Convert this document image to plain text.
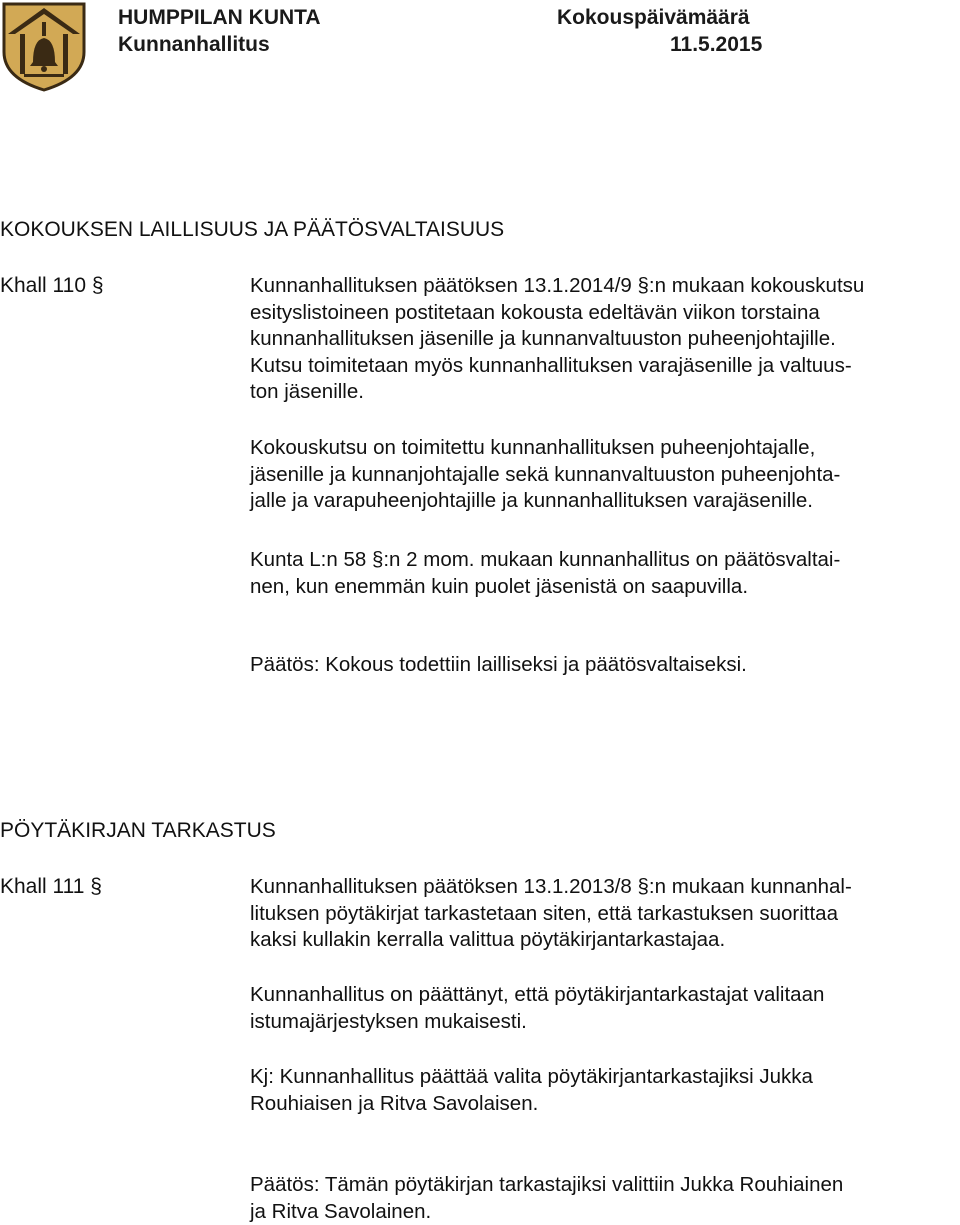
HUMPPILAN KUNTA
Kunnanhallitus
Kokouspäivämäärä
11.5.2015
KOKOUKSEN LAILLISUUS JA PÄÄTÖSVALTAISUUS
Khall 110 §	Kunnanhallituksen päätöksen 13.1.2014/9 §:n mukaan kokouskutsu
esityslistoineen postitetaan kokousta edeltävän viikon torstaina
kunnanhallituksen jäsenille ja kunnanvaltuuston puheenjohtajille.
Kutsu toimitetaan myös kunnanhallituksen varajäsenille ja valtuus-
ton jäsenille.
Kokouskutsu on toimitettu kunnanhallituksen puheenjohtajalle,
jäsenille ja kunnanjohtajalle sekä kunnanvaltuuston puheenjohta-
jalle ja varapuheenjohtajille ja kunnanhallituksen varajäsenille.
Kunta L:n 58 §:n 2 mom. mukaan kunnanhallitus on päätösvaltai-
nen, kun enemmän kuin puolet jäsenistä on saapuvilla.
Päätös: Kokous todettiin lailliseksi ja päätösvaltaiseksi.
PÖYTÄKIRJAN TARKASTUS
Khall 111 §	Kunnanhallituksen päätöksen 13.1.2013/8 §:n mukaan kunnanhal-
lituksen pöytäkirjat tarkastetaan siten, että tarkastuksen suorittaa
kaksi kullakin kerralla valittua pöytäkirjantarkastajaa.
Kunnanhallitus on päättänyt, että pöytäkirjantarkastajat valitaan
istumajärjestyksen mukaisesti.
Kj: Kunnanhallitus päättää valita pöytäkirjantarkastajiksi Jukka
Rouhiaisen ja Ritva Savolaisen.
Päätös: Tämän pöytäkirjan tarkastajiksi valittiin Jukka Rouhiainen
ja Ritva Savolainen.
